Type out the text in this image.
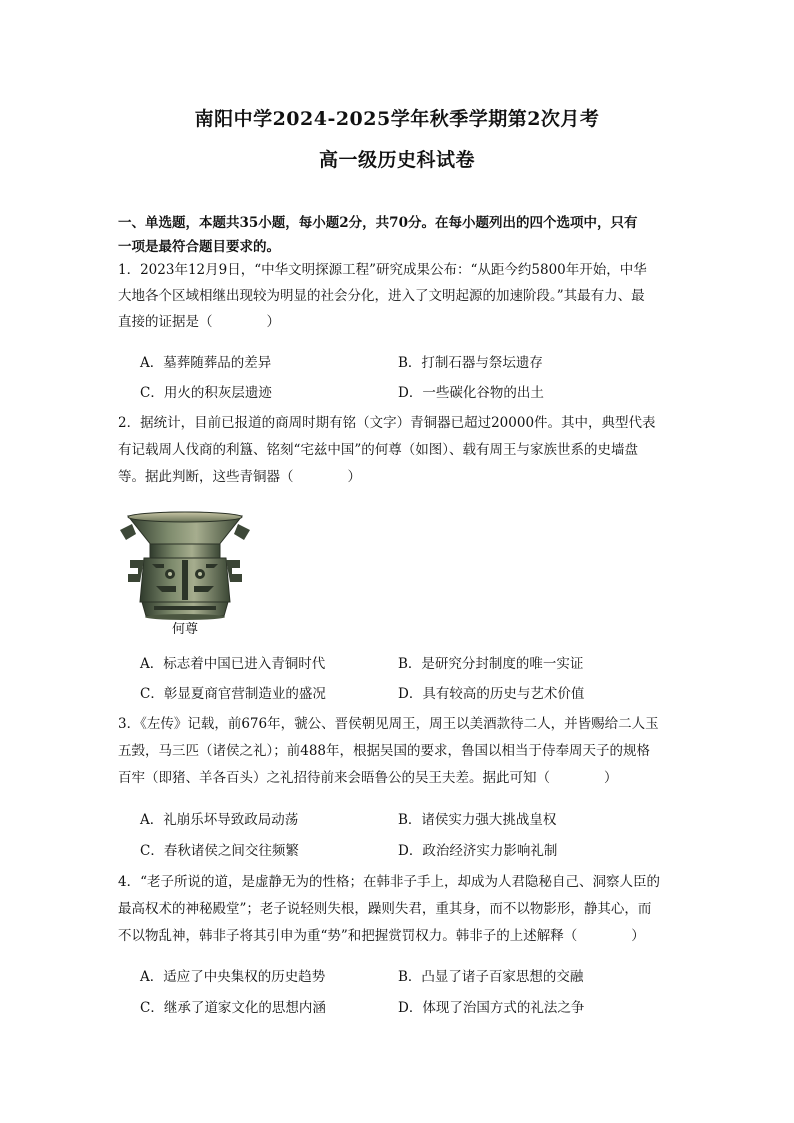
南阳中学2024-2025学年秋季学期第2次月考
高一级历史科试卷
一、单选题，本题共35小题，每小题2分，共70分。在每小题列出的四个选项中，只有
一项是最符合题目要求的。
1．2023年12月9日，“中华文明探源工程”研究成果公布：“从距今约5800年开始，中华
大地各个区域相继出现较为明显的社会分化，进入了文明起源的加速阶段。”其最有力、最
直接的证据是（　　　　）
A．墓葬随葬品的差异	B．打制石器与祭坛遗存
C．用火的积灰层遗迹	D．一些碳化谷物的出土
2．据统计，目前已报道的商周时期有铭（文字）青铜器已超过20000件。其中，典型代表
有记载周人伐商的利簋、铭刻“宅兹中国”的何尊（如图）、载有周王与家族世系的史墙盘
等。据此判断，这些青铜器（　　　　）
何尊
A．标志着中国已进入青铜时代	B．是研究分封制度的唯一实证
C．彰显夏商官营制造业的盛况	D．具有较高的历史与艺术价值
3．《左传》记载，前676年，虢公、晋侯朝见周王，周王以美酒款待二人，并皆赐给二人玉
五瑴，马三匹（诸侯之礼）；前488年，根据吴国的要求，鲁国以相当于侍奉周天子的规格
百牢（即猪、羊各百头）之礼招待前来会晤鲁公的吴王夫差。据此可知（　　　　）
A．礼崩乐坏导致政局动荡	B．诸侯实力强大挑战皇权
C．春秋诸侯之间交往频繁	D．政治经济实力影响礼制
4．“老子所说的道，是虚静无为的性格；在韩非子手上，却成为人君隐秘自己、洞察人臣的
最高权术的神秘殿堂”；老子说轻则失根，躁则失君，重其身，而不以物影形，静其心，而
不以物乱神，韩非子将其引申为重“势”和把握赏罚权力。韩非子的上述解释（　　　　）
A．适应了中央集权的历史趋势	B．凸显了诸子百家思想的交融
C．继承了道家文化的思想内涵	D．体现了治国方式的礼法之争
